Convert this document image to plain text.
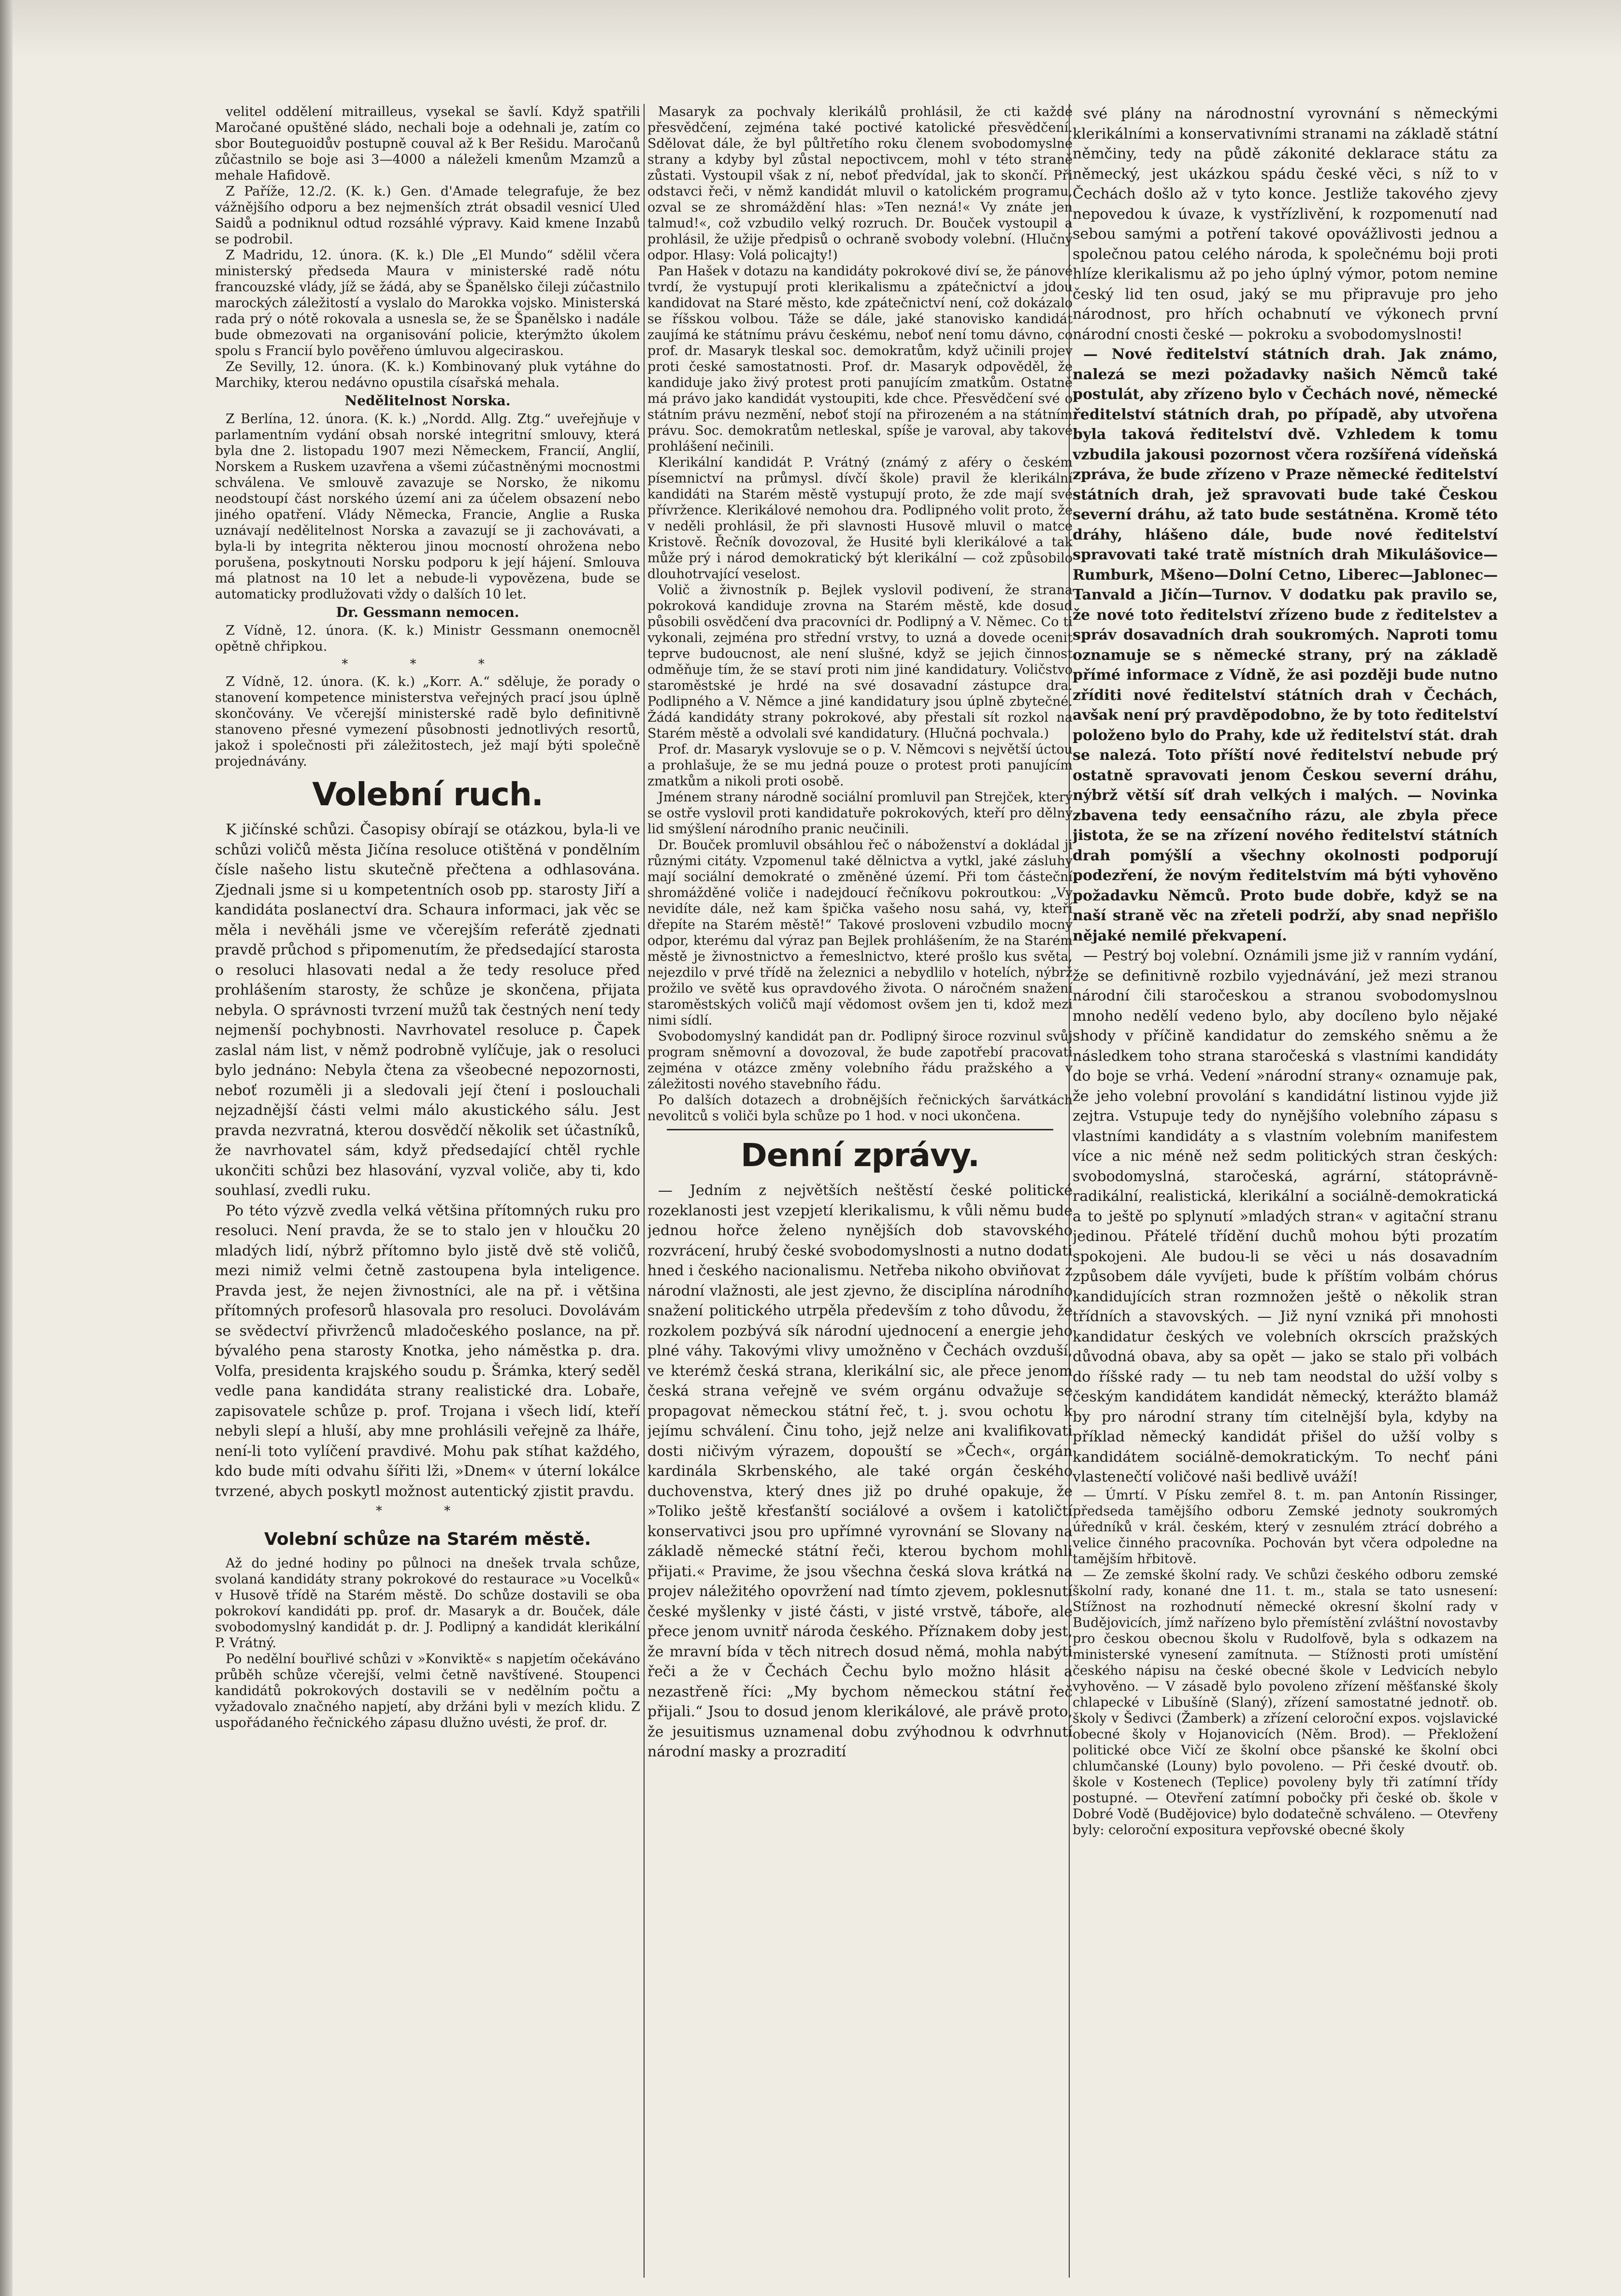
velitel oddělení mitrailleus, vysekal se šavlí. Když spatřili Maročané opuštěné sládo, nechali boje a odehnali je, zatím co sbor Bouteguoidův postupně couval až k Ber Rešidu. Maročanů zůčastnilo se boje asi 3—4000 a náleželi kmenům Mzamzů a mehale Hafidově.

Z Paříže, 12./2. (K. k.) Gen. d'Amade telegrafuje, že bez vážnějšího odporu a bez nejmenších ztrát obsadil vesnicí Uled Saidů a podniknul odtud rozsáhlé výpravy. Kaid kmene Inzabů se podrobil.

Z Madridu, 12. února. (K. k.) Dle „El Mundo“ sdělil včera ministerský předseda Maura v ministerské radě nótu francouzské vlády, jíž se žádá, aby se Španělsko čileji zúčastnilo marockých záležitostí a vyslalo do Marokka vojsko. Ministerská rada prý o nótě rokovala a usnesla se, že se Španělsko i nadále bude obmezovati na organisování policie, kterýmžto úkolem spolu s Francií bylo pověřeno úmluvou algeciraskou.

Ze Sevilly, 12. února. (K. k.) Kombinovaný pluk vytáhne do Marchiky, kterou nedávno opustila císařská mehala.

Nedělitelnost Norska.

Z Berlína, 12. února. (K. k.) „Nordd. Allg. Ztg.“ uveřejňuje v parlamentním vydání obsah norské integritní smlouvy, která byla dne 2. listopadu 1907 mezi Německem, Francií, Anglií, Norskem a Ruskem uzavřena a všemi zúčastněnými mocnostmi schválena. Ve smlouvě zavazuje se Norsko, že nikomu neodstoupí část norského území ani za účelem obsazení nebo jiného opatření. Vlády Německa, Francie, Anglie a Ruska uznávají nedělitelnost Norska a zavazují se ji zachovávati, a byla-li by integrita některou jinou mocností ohrožena nebo porušena, poskytnouti Norsku podporu k její hájení. Smlouva má platnost na 10 let a nebude-li vypovězena, bude se automaticky prodlužovati vždy o dalších 10 let.

Dr. Gessmann nemocen.

Z Vídně, 12. února. (K. k.) Ministr Gessmann onemocněl opětně chřipkou.

* * *

Z Vídně, 12. února. (K. k.) „Korr. A.“ sděluje, že porady o stanovení kompetence ministerstva veřejných prací jsou úplně skončovány. Ve včerejší ministerské radě bylo definitivně stanoveno přesné vymezení působnosti jednotlivých resortů, jakož i společnosti při záležitostech, jež mají býti společně projednávány.

Volební ruch.

K jičínské schůzi. Časopisy obírají se otázkou, byla-li ve schůzi voličů města Jičína resoluce otištěná v pondělním čísle našeho listu skutečně přečtena a odhlasována. Zjednali jsme si u kompetentních osob pp. starosty Jiří a kandidáta poslanectví dra. Schaura informaci, jak věc se měla i nevěháli jsme ve včerejším referátě zjednati pravdě průchod s připomenutím, že předsedající starosta o resoluci hlasovati nedal a že tedy resoluce před prohlášením starosty, že schůze je skončena, přijata nebyla. O správnosti tvrzení mužů tak čestných není tedy nejmenší pochybnosti. Navrhovatel resoluce p. Čapek zaslal nám list, v němž podrobně vylíčuje, jak o resoluci bylo jednáno: Nebyla čtena za všeobecné nepozornosti, neboť rozuměli ji a sledovali její čtení i poslouchali nejzadnější části velmi málo akustického sálu. Jest pravda nezvratná, kterou dosvědčí několik set účastníků, že navrhovatel sám, když předsedající chtěl rychle ukončiti schůzi bez hlasování, vyzval voliče, aby ti, kdo souhlasí, zvedli ruku.

Po této výzvě zvedla velká většina přítomných ruku pro resoluci. Není pravda, že se to stalo jen v hloučku 20 mladých lidí, nýbrž přítomno bylo jistě dvě stě voličů, mezi nimiž velmi četně zastoupena byla inteligence. Pravda jest, že nejen živnostníci, ale na př. i většina přítomných profesorů hlasovala pro resoluci. Dovolávám se svědectví přivrženců mladočeského poslance, na př. bývalého pena starosty Knotka, jeho náměstka p. dra. Volfa, presidenta krajského soudu p. Šrámka, který seděl vedle pana kandidáta strany realistické dra. Lobaře, zapisovatele schůze p. prof. Trojana i všech lidí, kteří nebyli slepí a hluší, aby mne prohlásili veřejně za lháře, není-li toto vylíčení pravdivé. Mohu pak stíhat každého, kdo bude míti odvahu šířiti lži, »Dnem« v úterní lokálce tvrzené, abych poskytl možnost autentický zjistit pravdu.

* *
Volební schůze na Starém městě.

Až do jedné hodiny po půlnoci na dnešek trvala schůze, svolaná kandidáty strany pokrokové do restaurace »u Vocelků« v Husově třídě na Starém městě. Do schůze dostavili se oba pokrokoví kandidáti pp. prof. dr. Masaryk a dr. Bouček, dále svobodomyslný kandidát p. dr. J. Podlipný a kandidát klerikální P. Vrátný.

Po nedělní bouřlivé schůzi v »Konviktě« s napjetím očekáváno průběh schůze včerejší, velmi četně navštívené. Stoupenci kandidátů pokrokových dostavili se v nedělním počtu a vyžadovalo značného napjetí, aby držáni byli v mezích klidu. Z uspořádaného řečnického zápasu dlužno uvésti, že prof. dr.

Masaryk za pochvaly klerikálů prohlásil, že cti každé přesvědčení, zejména také poctivé katolické přesvědčení. Sdělovat dále, že byl půltřetího roku členem svobodomyslné strany a kdyby byl zůstal nepoctivcem, mohl v této straně zůstati. Vystoupil však z ní, neboť předvídal, jak to skončí. Při odstavci řeči, v němž kandidát mluvil o katolickém programu, ozval se ze shromáždění hlas: »Ten nezná!« Vy znáte jen talmud!«, což vzbudilo velký rozruch. Dr. Bouček vystoupil a prohlásil, že užije předpisů o ochraně svobody volební. (Hlučný odpor. Hlasy: Volá policajty!)

Pan Hašek v dotazu na kandidáty pokrokové diví se, že pánové tvrdí, že vystupují proti klerikalismu a zpátečnictví a jdou kandidovat na Staré město, kde zpátečnictví není, což dokázalo se říšskou volbou. Táže se dále, jaké stanovisko kandidát zaujímá ke státnímu právu českému, neboť není tomu dávno, co prof. dr. Masaryk tleskal soc. demokratům, když učinili projev proti české samostatnosti. Prof. dr. Masaryk odpověděl, že kandiduje jako živý protest proti panujícím zmatkům. Ostatně má právo jako kandidát vystoupiti, kde chce. Přesvědčení své o státním právu nezmění, neboť stojí na přirozeném a na státním právu. Soc. demokratům netleskal, spíše je varoval, aby takové prohlášení nečinili.

Klerikální kandidát P. Vrátný (známý z aféry o českém písemnictví na průmysl. dívčí škole) pravil že klerikální kandidáti na Starém městě vystupují proto, že zde mají své přívržence. Klerikálové nemohou dra. Podlipného volit proto, že v neděli prohlásil, že při slavnosti Husově mluvil o matce Kristově. Řečník dovozoval, že Husité byli klerikálové a tak může prý i národ demokratický být klerikální — což způsobilo dlouhotrvající veselost.

Volič a živnostník p. Bejlek vyslovil podivení, že strana pokroková kandiduje zrovna na Starém městě, kde dosud působili osvědčení dva pracovníci dr. Podlipný a V. Němec. Co ti vykonali, zejména pro střední vrstvy, to uzná a dovede ocenit teprve budoucnost, ale není slušné, když se jejich činnost odměňuje tím, že se staví proti nim jiné kandidatury. Voličstvo staroměstské je hrdé na své dosavadní zástupce dra. Podlipného a V. Němce a jiné kandidatury jsou úplně zbytečné. Žádá kandidáty strany pokrokové, aby přestali sít rozkol na Starém městě a odvolali své kandidatury. (Hlučná pochvala.)

Prof. dr. Masaryk vyslovuje se o p. V. Němcovi s největší úctou a prohlašuje, že se mu jedná pouze o protest proti panujícím zmatkům a nikoli proti osobě.

Jménem strany národně sociální promluvil pan Strejček, který se ostře vyslovil proti kandidatuře pokrokových, kteří pro dělný lid smýšlení národního pranic neučinili.

Dr. Bouček promluvil obsáhlou řeč o náboženství a dokládal ji různými citáty. Vzpomenul také dělnictva a vytkl, jaké zásluhy mají sociální demokraté o změněné území. Při tom částeční shromážděné voliče i nadejdoucí řečníkovu pokroutkou: „Vy nevidíte dále, než kam špička vašeho nosu sahá, vy, kteří dřepíte na Starém městě!“ Takové prosloveni vzbudilo mocný odpor, kterému dal výraz pan Bejlek prohlášením, že na Starém městě je živnostnictvo a řemeslnictvo, které prošlo kus světa, nejezdilo v prvé třídě na železnici a nebydlilo v hotelích, nýbrž prožilo ve světě kus opravdového života. O náročném snažení staroměstských voličů mají vědomost ovšem jen ti, kdož mezi nimi sídlí.

Svobodomyslný kandidát pan dr. Podlipný široce rozvinul svůj program sněmovní a dovozoval, že bude zapotřebí pracovati zejména v otázce změny volebního řádu pražského a v záležitosti nového stavebního řádu.

Po dalších dotazech a drobnějších řečnických šarvátkách nevolitců s voliči byla schůze po 1 hod. v noci ukončena.

Denní zprávy.

— Jedním z největších neštěstí české politické rozeklanosti jest vzepjetí klerikalismu, k vůli němu bude jednou hořce želeno nynějších dob stavovského rozvrácení, hrubý české svobodomyslnosti a nutno dodati hned i českého nacionalismu. Netřeba nikoho obviňovat z národní vlažnosti, ale jest zjevno, že disciplína národního snažení politického utrpěla především z toho důvodu, že rozkolem pozbývá sík národní ujednocení a energie jeho plné váhy. Takovými vlivy umožněno v Čechách ovzduší, ve kterémž česká strana, klerikální sic, ale přece jenom česká strana veřejně ve svém orgánu odvažuje se propagovat německou státní řeč, t. j. svou ochotu k jejímu schválení. Činu toho, jejž nelze ani kvalifikovati dosti ničivým výrazem, dopouští se »Čech«, orgán kardinála Skrbenského, ale také orgán českého duchovenstva, který dnes již po druhé opakuje, že »Toliko ještě křesťanští sociálové a ovšem i katoličtí konservativci jsou pro upřímné vyrovnání se Slovany na základě německé státní řeči, kterou bychom mohli přijati.« Pravime, že jsou všechna česká slova krátká na projev náležitého opovržení nad tímto zjevem, poklesnutí české myšlenky v jisté části, v jisté vrstvě, táboře, ale přece jenom uvnitř národa českého. Příznakem doby jest, že mravní bída v těch nitrech dosud němá, mohla nabýti řeči a že v Čechách Čechu bylo možno hlásit a nezastřeně říci: „My bychom německou státní řeč přijali.“ Jsou to dosud jenom klerikálové, ale právě proto, že jesuitismus uznamenal dobu zvýhodnou k odvrhnutí národní masky a prozradití

své plány na národnostní vyrovnání s německými klerikálními a konservativními stranami na základě státní němčiny, tedy na půdě zákonité deklarace státu za německý, jest ukázkou spádu české věci, s níž to v Čechách došlo až v tyto konce. Jestliže takového zjevy nepovedou k úvaze, k vystřízlivění, k rozpomenutí nad sebou samými a potření takové opovážlivosti jednou a společnou patou celého národa, k společnému boji proti hlíze klerikalismu až po jeho úplný výmor, potom nemine český lid ten osud, jaký se mu připravuje pro jeho národnost, pro hřích ochabnutí ve výkonech první národní cnosti české — pokroku a svobodomyslnosti!

— Nové ředitelství státních drah. Jak známo, nalezá se mezi požadavky našich Němců také postulát, aby zřízeno bylo v Čechách nové, německé ředitelství státních drah, po případě, aby utvořena byla taková ředitelství dvě. Vzhledem k tomu vzbudila jakousi pozornost včera rozšířená vídeňská zpráva, že bude zřízeno v Praze německé ředitelství státních drah, jež spravovati bude také Českou severní dráhu, až tato bude sestátněna. Kromě této dráhy, hlášeno dále, bude nové ředitelství spravovati také tratě místních drah Mikulášovice—Rumburk, Mšeno—Dolní Cetno, Liberec—Jablonec—Tanvald a Jičín—Turnov. V dodatku pak pravilo se, že nové toto ředitelství zřízeno bude z ředitelstev a správ dosavadních drah soukromých. Naproti tomu oznamuje se s německé strany, prý na základě přímé informace z Vídně, že asi později bude nutno zříditi nové ředitelství státních drah v Čechách, avšak není prý pravděpodobno, že by toto ředitelství položeno bylo do Prahy, kde už ředitelství stát. drah se nalezá. Toto příští nové ředitelství nebude prý ostatně spravovati jenom Českou severní dráhu, nýbrž větší síť drah velkých i malých. — Novinka zbavena tedy eensačního rázu, ale zbyla přece jistota, že se na zřízení nového ředitelství státních drah pomýšlí a všechny okolnosti podporují podezření, že novým ředitelstvím má býti vyhověno požadavku Němců. Proto bude dobře, když se na naší straně věc na zřeteli podrží, aby snad nepřišlo nějaké nemilé překvapení.

— Pestrý boj volební. Oznámili jsme již v ranním vydání, že se definitivně rozbilo vyjednávání, jež mezi stranou národní čili staročeskou a stranou svobodomyslnou mnoho nedělí vedeno bylo, aby docíleno bylo nějaké shody v příčině kandidatur do zemského sněmu a že následkem toho strana staročeská s vlastními kandidáty do boje se vrhá. Vedení »národní strany« oznamuje pak, že jeho volební provolání s kandidátní listinou vyjde již zejtra. Vstupuje tedy do nynějšího volebního zápasu s vlastními kandidáty a s vlastním volebním manifestem více a nic méně než sedm politických stran českých: svobodomyslná, staročeská, agrární, státoprávně-radikální, realistická, klerikální a sociálně-demokratická a to ještě po splynutí »mladých stran« v agitační stranu jedinou. Přátelé třídění duchů mohou býti prozatím spokojeni. Ale budou-li se věci u nás dosavadním způsobem dále vyvíjeti, bude k příštím volbám chórus kandidujících stran rozmnožen ještě o několik stran třídních a stavovských. — Již nyní vzniká při mnohosti kandidatur českých ve volebních okrscích pražských důvodná obava, aby sa opět — jako se stalo při volbách do říšské rady — tu neb tam neodstal do užší volby s českým kandidátem kandidát německý, kterážto blamáž by pro národní strany tím citelnější byla, kdyby na příklad německý kandidát přišel do užší volby s kandidátem sociálně-demokratickým. To nechť páni vlastenečtí voličové naši bedlivě uváží!

— Úmrtí. V Písku zemřel 8. t. m. pan Antonín Rissinger, předseda tamějšího odboru Zemské jednoty soukromých úředníků v král. českém, který v zesnulém ztrácí dobrého a velice činného pracovníka. Pochován byt včera odpoledne na tamějším hřbitově.

— Ze zemské školní rady. Ve schůzi českého odboru zemské školní rady, konané dne 11. t. m., stala se tato usnesení: Stížnost na rozhodnutí německé okresní školní rady v Budějovicích, jímž nařízeno bylo přemístění zvláštní novostavby pro českou obecnou školu v Rudolfově, byla s odkazem na ministerské vynesení zamítnuta. — Stížnosti proti umístění českého nápisu na české obecné škole v Ledvicích nebylo vyhověno. — V zásadě bylo povoleno zřízení měšťanské školy chlapecké v Libušíně (Slaný), zřízení samostatné jednotř. ob. školy v Šedivci (Žamberk) a zřízení celoroční expos. vojslavické obecné školy v Hojanovicích (Něm. Brod). — Překložení politické obce Vičí ze školní obce pšanské ke školní obci chlumčanské (Louny) bylo povoleno. — Při české dvoutř. ob. škole v Kostenech (Teplice) povoleny byly tři zatímní třídy postupné. — Otevření zatímní pobočky při české ob. škole v Dobré Vodě (Budějovice) bylo dodatečně schváleno. — Otevřeny byly: celoroční expositura vepřovské obecné školy
